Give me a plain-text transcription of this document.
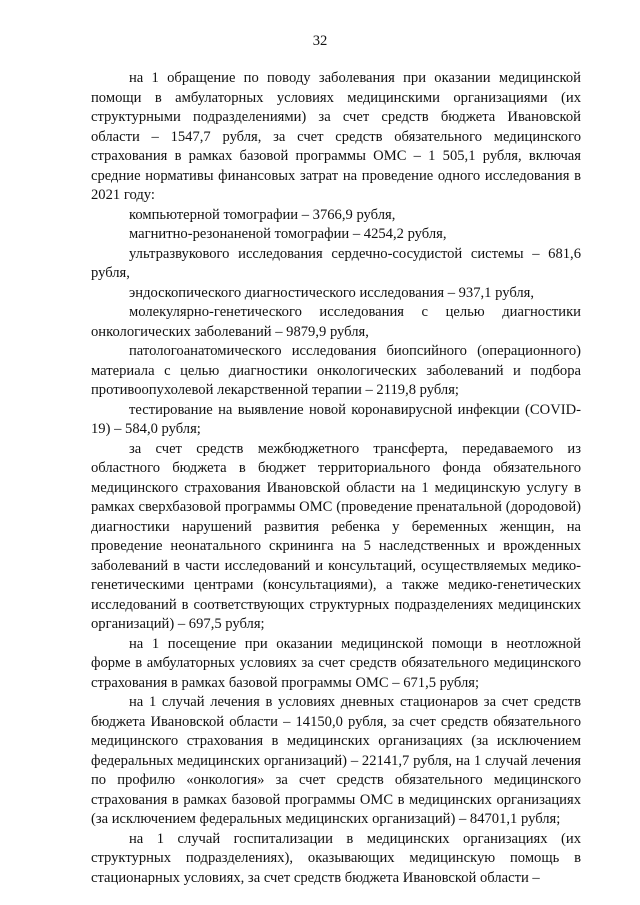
32

на 1 обращение по поводу заболевания при оказании медицинской помощи в амбулаторных условиях медицинскими организациями (их структурными подразделениями) за счет средств бюджета Ивановской области – 1547,7 рубля, за счет средств обязательного медицинского страхования в рамках базовой программы ОМС – 1 505,1 рубля, включая средние нормативы финансовых затрат на проведение одного исследования в 2021 году:

компьютерной томографии – 3766,9 рубля,

магнитно-резонаненой томографии – 4254,2 рубля,

ультразвукового исследования сердечно-сосудистой системы – 681,6 рубля,

эндоскопического диагностического исследования – 937,1 рубля,

молекулярно-генетического исследования с целью диагностики онкологических заболеваний – 9879,9 рубля,

патологоанатомического исследования биопсийного (операционного) материала с целью диагностики онкологических заболеваний и подбора противоопухолевой лекарственной терапии – 2119,8 рубля;

тестирование на выявление новой коронавирусной инфекции (COVID-19) – 584,0 рубля;

за счет средств межбюджетного трансферта, передаваемого из областного бюджета в бюджет территориального фонда обязательного медицинского страхования Ивановской области на 1 медицинскую услугу в рамках сверхбазовой программы ОМС (проведение пренатальной (дородовой) диагностики нарушений развития ребенка у беременных женщин, на проведение неонатального скрининга на 5 наследственных и врожденных заболеваний в части исследований и консультаций, осуществляемых медико-генетическими центрами (консультациями), а также медико-генетических исследований в соответствующих структурных подразделениях медицинских организаций) – 697,5 рубля;

на 1 посещение при оказании медицинской помощи в неотложной форме в амбулаторных условиях за счет средств обязательного медицинского страхования в рамках базовой программы ОМС – 671,5 рубля;

на 1 случай лечения в условиях дневных стационаров за счет средств бюджета Ивановской области – 14150,0 рубля, за счет средств обязательного медицинского страхования в медицинских организациях (за исключением федеральных медицинских организаций) – 22141,7 рубля, на 1 случай лечения по профилю «онкология» за счет средств обязательного медицинского страхования в рамках базовой программы ОМС в медицинских организациях (за исключением федеральных медицинских организаций) – 84701,1 рубля;

на 1 случай госпитализации в медицинских организациях (их структурных подразделениях), оказывающих медицинскую помощь в стационарных условиях, за счет средств бюджета Ивановской области –
